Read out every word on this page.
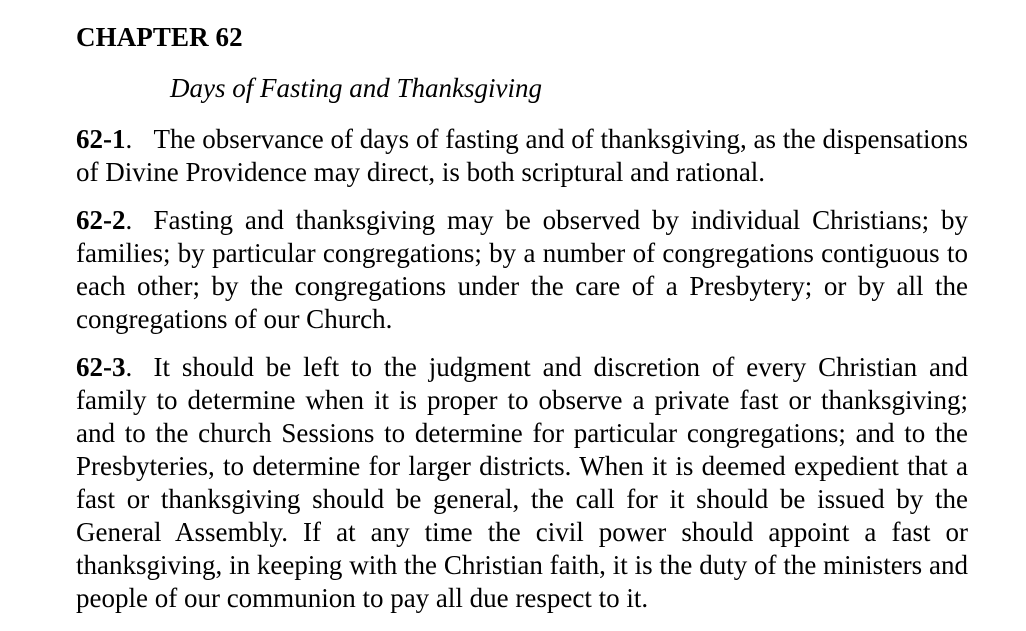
CHAPTER 62
Days of Fasting and Thanksgiving

62-1. The observance of days of fasting and of thanksgiving, as the dispensations of Divine Providence may direct, is both scriptural and rational.

62-2. Fasting and thanksgiving may be observed by individual Christians; by families; by particular congregations; by a number of congregations contiguous to each other; by the congregations under the care of a Presbytery; or by all the congregations of our Church.

62-3. It should be left to the judgment and discretion of every Christian and family to determine when it is proper to observe a private fast or thanksgiving; and to the church Sessions to determine for particular congregations; and to the Presbyteries, to determine for larger districts. When it is deemed expedient that a fast or thanksgiving should be general, the call for it should be issued by the General Assembly. If at any time the civil power should appoint a fast or thanksgiving, in keeping with the Christian faith, it is the duty of the ministers and people of our communion to pay all due respect to it.
